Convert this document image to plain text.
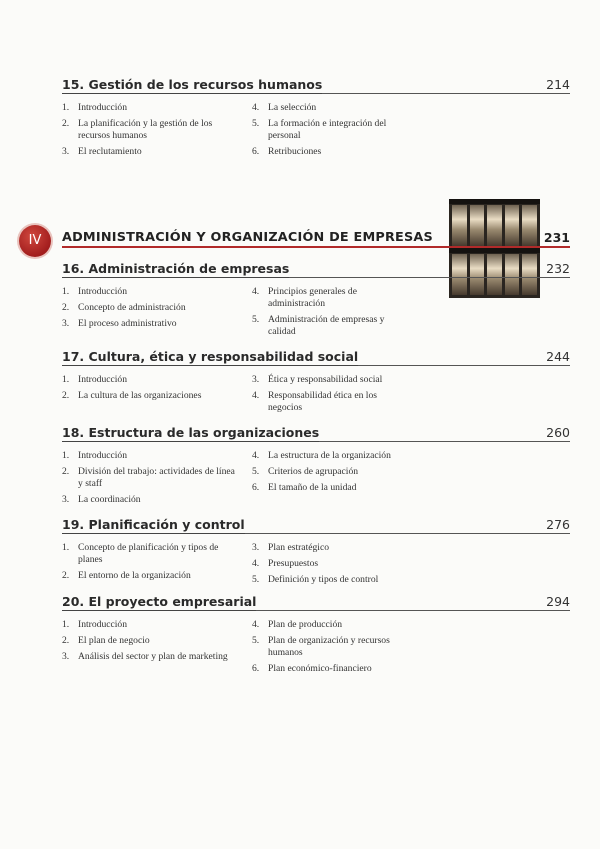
15. Gestión de los recursos humanos	214
1. Introducción
2. La planificación y la gestión de los recursos humanos
3. El reclutamiento
4. La selección
5. La formación e integración del personal
6. Retribuciones
IV	ADMINISTRACIÓN Y ORGANIZACIÓN DE EMPRESAS	231
16. Administración de empresas	232
1. Introducción
2. Concepto de administración
3. El proceso administrativo
4. Principios generales de administración
5. Administración de empresas y calidad
17. Cultura, ética y responsabilidad social	244
1. Introducción
2. La cultura de las organizaciones
3. Ética y responsabilidad social
4. Responsabilidad ética en los negocios
18. Estructura de las organizaciones	260
1. Introducción
2. División del trabajo: actividades de línea y staff
3. La coordinación
4. La estructura de la organización
5. Criterios de agrupación
6. El tamaño de la unidad
19. Planificación y control	276
1. Concepto de planificación y tipos de planes
2. El entorno de la organización
3. Plan estratégico
4. Presupuestos
5. Definición y tipos de control
20. El proyecto empresarial	294
1. Introducción
2. El plan de negocio
3. Análisis del sector y plan de marketing
4. Plan de producción
5. Plan de organización y recursos humanos
6. Plan económico-financiero
